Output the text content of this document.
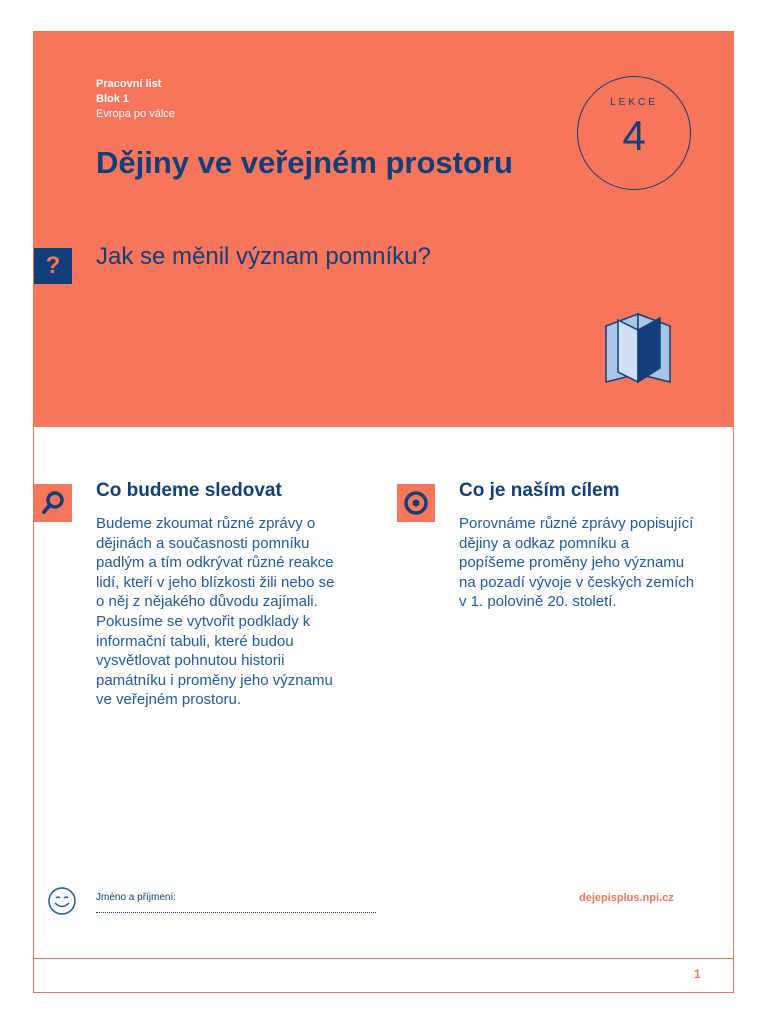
Pracovní list
Blok 1
Evropa po válce
Dějiny ve veřejném prostoru
?	Jak se měnil význam pomníku?
LEKCE
4
Co budeme sledovat

Budeme zkoumat různé zprávy o dějinách a současnosti pomníku padlým a tím odkrývat různé reakce lidí, kteří v jeho blízkosti žili nebo se o něj z nějakého důvodu zajímali. Pokusíme se vytvořit podklady k informační tabuli, které budou vysvětlovat pohnutou historii památníku i proměny jeho významu ve veřejném prostoru.

Co je naším cílem

Porovnáme různé zprávy popisující dějiny a odkaz pomníku a popíšeme proměny jeho významu na pozadí vývoje v českých zemích v 1. polovině 20. století.

Jméno a příjmení:	dejepisplus.npi.cz
1
